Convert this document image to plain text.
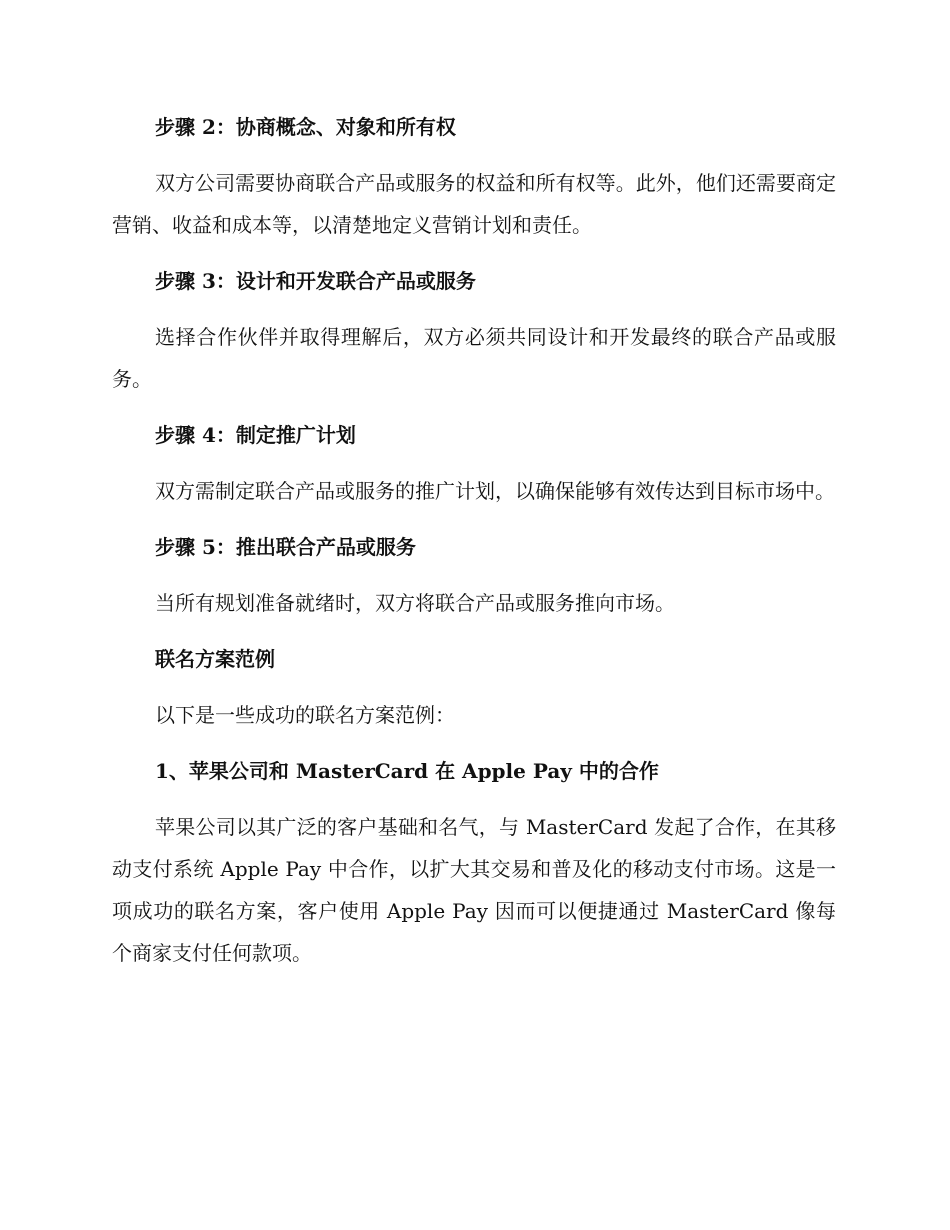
步骤 2：协商概念、对象和所有权

双方公司需要协商联合产品或服务的权益和所有权等。此外，他们还需要商定营销、收益和成本等，以清楚地定义营销计划和责任。

步骤 3：设计和开发联合产品或服务

选择合作伙伴并取得理解后，双方必须共同设计和开发最终的联合产品或服务。

步骤 4：制定推广计划

双方需制定联合产品或服务的推广计划，以确保能够有效传达到目标市场中。

步骤 5：推出联合产品或服务

当所有规划准备就绪时，双方将联合产品或服务推向市场。

联名方案范例

以下是一些成功的联名方案范例：

1、苹果公司和 MasterCard 在 Apple Pay 中的合作

苹果公司以其广泛的客户基础和名气，与 MasterCard 发起了合作，在其移动支付系统 Apple Pay 中合作，以扩大其交易和普及化的移动支付市场。这是一项成功的联名方案，客户使用 Apple Pay 因而可以便捷通过 MasterCard 像每个商家支付任何款项。
